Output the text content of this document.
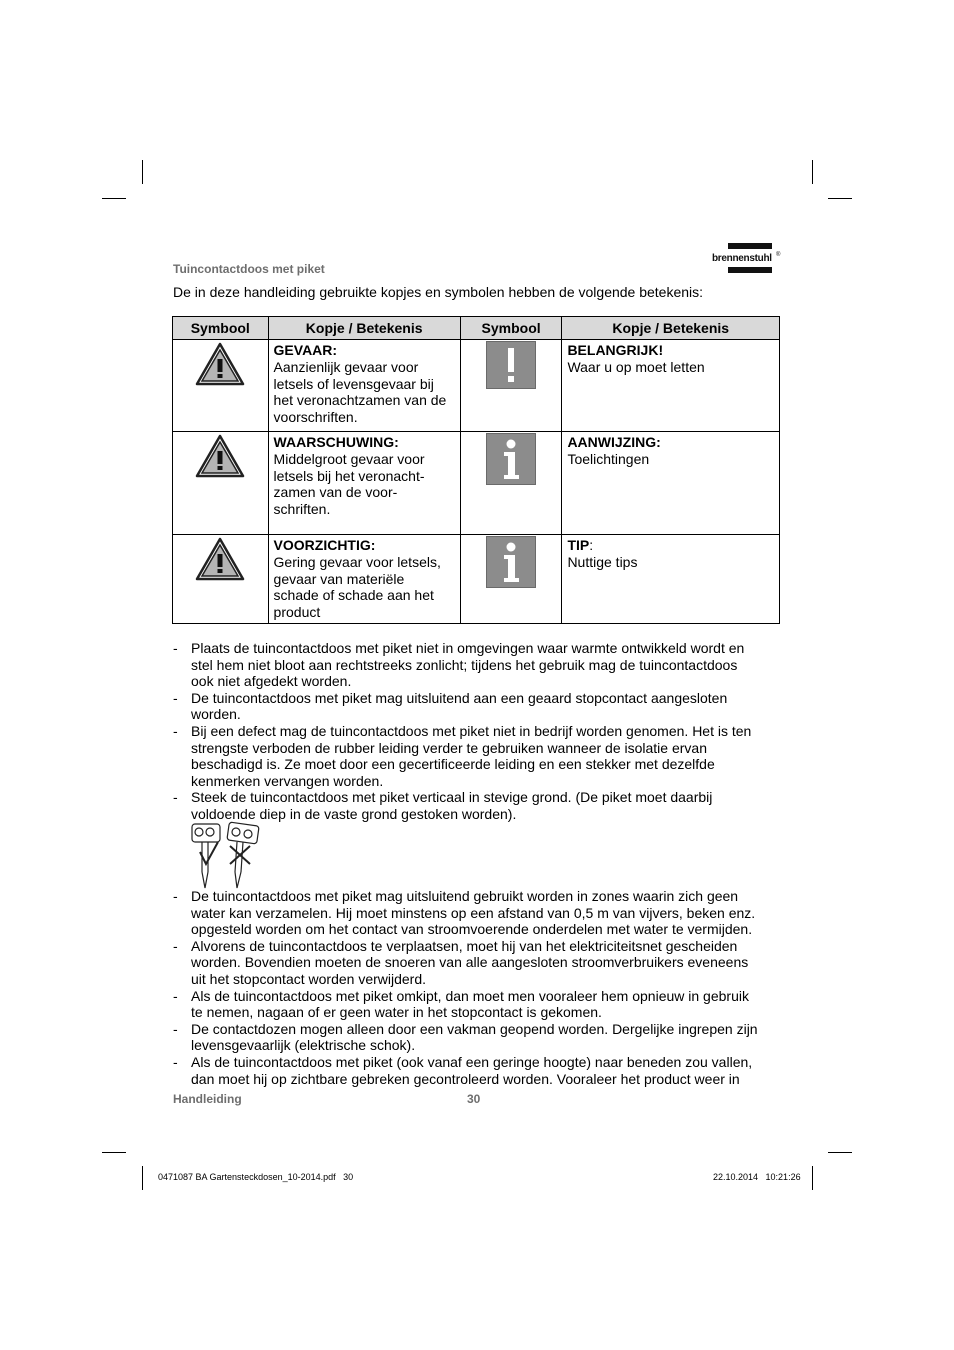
Tuincontactdoos met piket
brennenstuhl ®
De in deze handleiding gebruikte kopjes en symbolen hebben de volgende betekenis:
Symbool	Kopje / Betekenis	Symbool	Kopje / Betekenis

GEVAAR:
Aanzienlijk gevaar voor
letsels of levensgevaar bij
het veronachtzamen van de
voorschriften.		BELANGRIJK!
Waar u op moet letten

WAARSCHUWING:
Middelgroot gevaar voor
letsels bij het veronacht-
zamen van de voor-
schriften.		AANWIJZING:
Toelichtingen

VOORZICHTIG:
Gering gevaar voor letsels,
gevaar van materiële
schade of schade aan het
product		TIP:
Nuttige tips
- Plaats de tuincontactdoos met piket niet in omgevingen waar warmte ontwikkeld wordt en
stel hem niet bloot aan rechtstreeks zonlicht; tijdens het gebruik mag de tuincontactdoos
ook niet afgedekt worden.
- De tuincontactdoos met piket mag uitsluitend aan een geaard stopcontact aangesloten
worden.
- Bij een defect mag de tuincontactdoos met piket niet in bedrijf worden genomen. Het is ten
strengste verboden de rubber leiding verder te gebruiken wanneer de isolatie ervan
beschadigd is. Ze moet door een gecertificeerde leiding en een stekker met dezelfde
kenmerken vervangen worden.
- Steek de tuincontactdoos met piket verticaal in stevige grond. (De piket moet daarbij
voldoende diep in de vaste grond gestoken worden).
- De tuincontactdoos met piket mag uitsluitend gebruikt worden in zones waarin zich geen
water kan verzamelen. Hij moet minstens op een afstand van 0,5 m van vijvers, beken enz.
opgesteld worden om het contact van stroomvoerende onderdelen met water te vermijden.
- Alvorens de tuincontactdoos te verplaatsen, moet hij van het elektriciteitsnet gescheiden
worden. Bovendien moeten de snoeren van alle aangesloten stroomverbruikers eveneens
uit het stopcontact worden verwijderd.
- Als de tuincontactdoos met piket omkipt, dan moet men vooraleer hem opnieuw in gebruik
te nemen, nagaan of er geen water in het stopcontact is gekomen.
- De contactdozen mogen alleen door een vakman geopend worden. Dergelijke ingrepen zijn
levensgevaarlijk (elektrische schok).
- Als de tuincontactdoos met piket (ook vanaf een geringe hoogte) naar beneden zou vallen,
dan moet hij op zichtbare gebreken gecontroleerd worden. Vooraleer het product weer in
Handleiding	30
0471087 BA Gartensteckdosen_10-2014.pdf   30	22.10.2014   10:21:26
